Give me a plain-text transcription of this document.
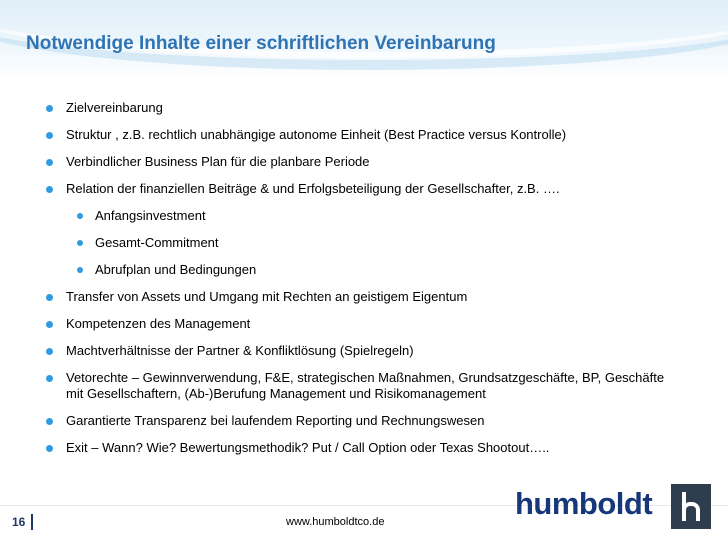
Notwendige Inhalte einer schriftlichen Vereinbarung
Zielvereinbarung
Struktur , z.B. rechtlich unabhängige autonome Einheit (Best Practice versus Kontrolle)
Verbindlicher Business Plan für die planbare Periode
Relation der finanziellen Beiträge & und Erfolgsbeteiligung der Gesellschafter, z.B. ….
Anfangsinvestment
Gesamt-Commitment
Abrufplan und Bedingungen
Transfer von Assets und Umgang mit Rechten an geistigem Eigentum
Kompetenzen des Management
Machtverhältnisse der Partner & Konfliktlösung (Spielregeln)
Vetorechte – Gewinnverwendung, F&E, strategischen Maßnahmen, Grundsatzgeschäfte, BP, Geschäfte mit Gesellschaftern, (Ab-)Berufung Management und Risikomanagement
Garantierte Transparenz bei laufendem Reporting und Rechnungswesen
Exit – Wann? Wie? Bewertungsmethodik? Put / Call Option oder Texas Shootout…..
16	www.humboldtco.de
humboldt
